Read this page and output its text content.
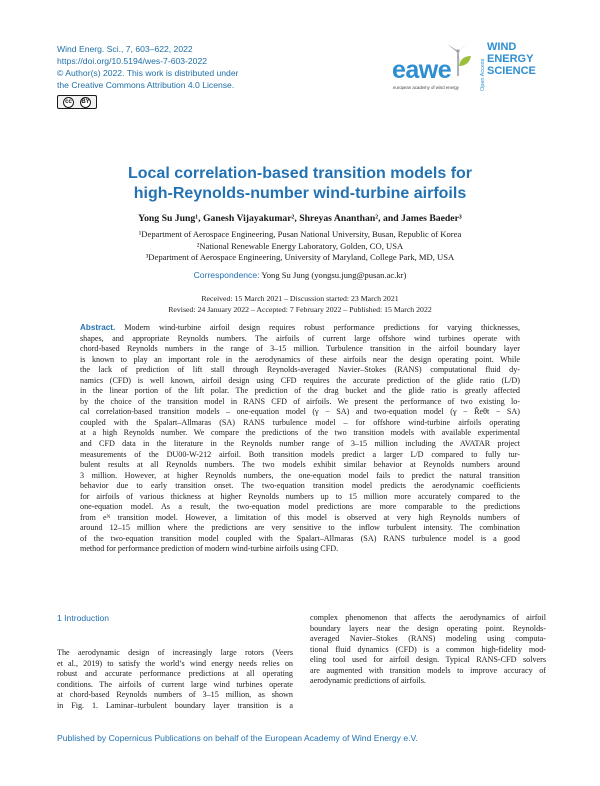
Wind Energ. Sci., 7, 603–622, 2022
https://doi.org/10.5194/wes-7-603-2022
© Author(s) 2022. This work is distributed under
the Creative Commons Attribution 4.0 License.
cc	BY
eawe
european academy of wind energy	Open Access
WIND
ENERGY
SCIENCE
Local correlation-based transition models for
high-Reynolds-number wind-turbine airfoils
Yong Su Jung¹, Ganesh Vijayakumar², Shreyas Ananthan², and James Baeder³
¹Department of Aerospace Engineering, Pusan National University, Busan, Republic of Korea
²National Renewable Energy Laboratory, Golden, CO, USA
³Department of Aerospace Engineering, University of Maryland, College Park, MD, USA
Correspondence: Yong Su Jung (yongsu.jung@pusan.ac.kr)
Received: 15 March 2021 – Discussion started: 23 March 2021
Revised: 24 January 2022 – Accepted: 7 February 2022 – Published: 15 March 2022
Abstract. Modern wind-turbine airfoil design requires robust performance predictions for varying thicknesses,
shapes, and appropriate Reynolds numbers. The airfoils of current large offshore wind turbines operate with
chord-based Reynolds numbers in the range of 3–15 million. Turbulence transition in the airfoil boundary layer
is known to play an important role in the aerodynamics of these airfoils near the design operating point. While
the lack of prediction of lift stall through Reynolds-averaged Navier–Stokes (RANS) computational fluid dy-
namics (CFD) is well known, airfoil design using CFD requires the accurate prediction of the glide ratio (L/D)
in the linear portion of the lift polar. The prediction of the drag bucket and the glide ratio is greatly affected
by the choice of the transition model in RANS CFD of airfoils. We present the performance of two existing lo-
cal correlation-based transition models – one-equation model (γ − SA) and two-equation model (γ − R̃eθt − SA)
coupled with the Spalart–Allmaras (SA) RANS turbulence model – for offshore wind-turbine airfoils operating
at a high Reynolds number. We compare the predictions of the two transition models with available experimental
and CFD data in the literature in the Reynolds number range of 3–15 million including the AVATAR project
measurements of the DU00-W-212 airfoil. Both transition models predict a larger L/D compared to fully tur-
bulent results at all Reynolds numbers. The two models exhibit similar behavior at Reynolds numbers around
3 million. However, at higher Reynolds numbers, the one-equation model fails to predict the natural transition
behavior due to early transition onset. The two-equation transition model predicts the aerodynamic coefficients
for airfoils of various thickness at higher Reynolds numbers up to 15 million more accurately compared to the
one-equation model. As a result, the two-equation model predictions are more comparable to the predictions
from eᴺ transition model. However, a limitation of this model is observed at very high Reynolds numbers of
around 12–15 million where the predictions are very sensitive to the inflow turbulent intensity. The combination
of the two-equation transition model coupled with the Spalart–Allmaras (SA) RANS turbulence model is a good
method for performance prediction of modern wind-turbine airfoils using CFD.
1 Introduction
The aerodynamic design of increasingly large rotors (Veers
et al., 2019) to satisfy the world’s wind energy needs relies on
robust and accurate performance predictions at all operating
conditions. The airfoils of current large wind turbines operate
at chord-based Reynolds numbers of 3–15 million, as shown
in Fig. 1. Laminar–turbulent boundary layer transition is a
complex phenomenon that affects the aerodynamics of airfoil
boundary layers near the design operating point. Reynolds-
averaged Navier–Stokes (RANS) modeling using computa-
tional fluid dynamics (CFD) is a common high-fidelity mod-
eling tool used for airfoil design. Typical RANS-CFD solvers
are augmented with transition models to improve accuracy of
aerodynamic predictions of airfoils.
Published by Copernicus Publications on behalf of the European Academy of Wind Energy e.V.
